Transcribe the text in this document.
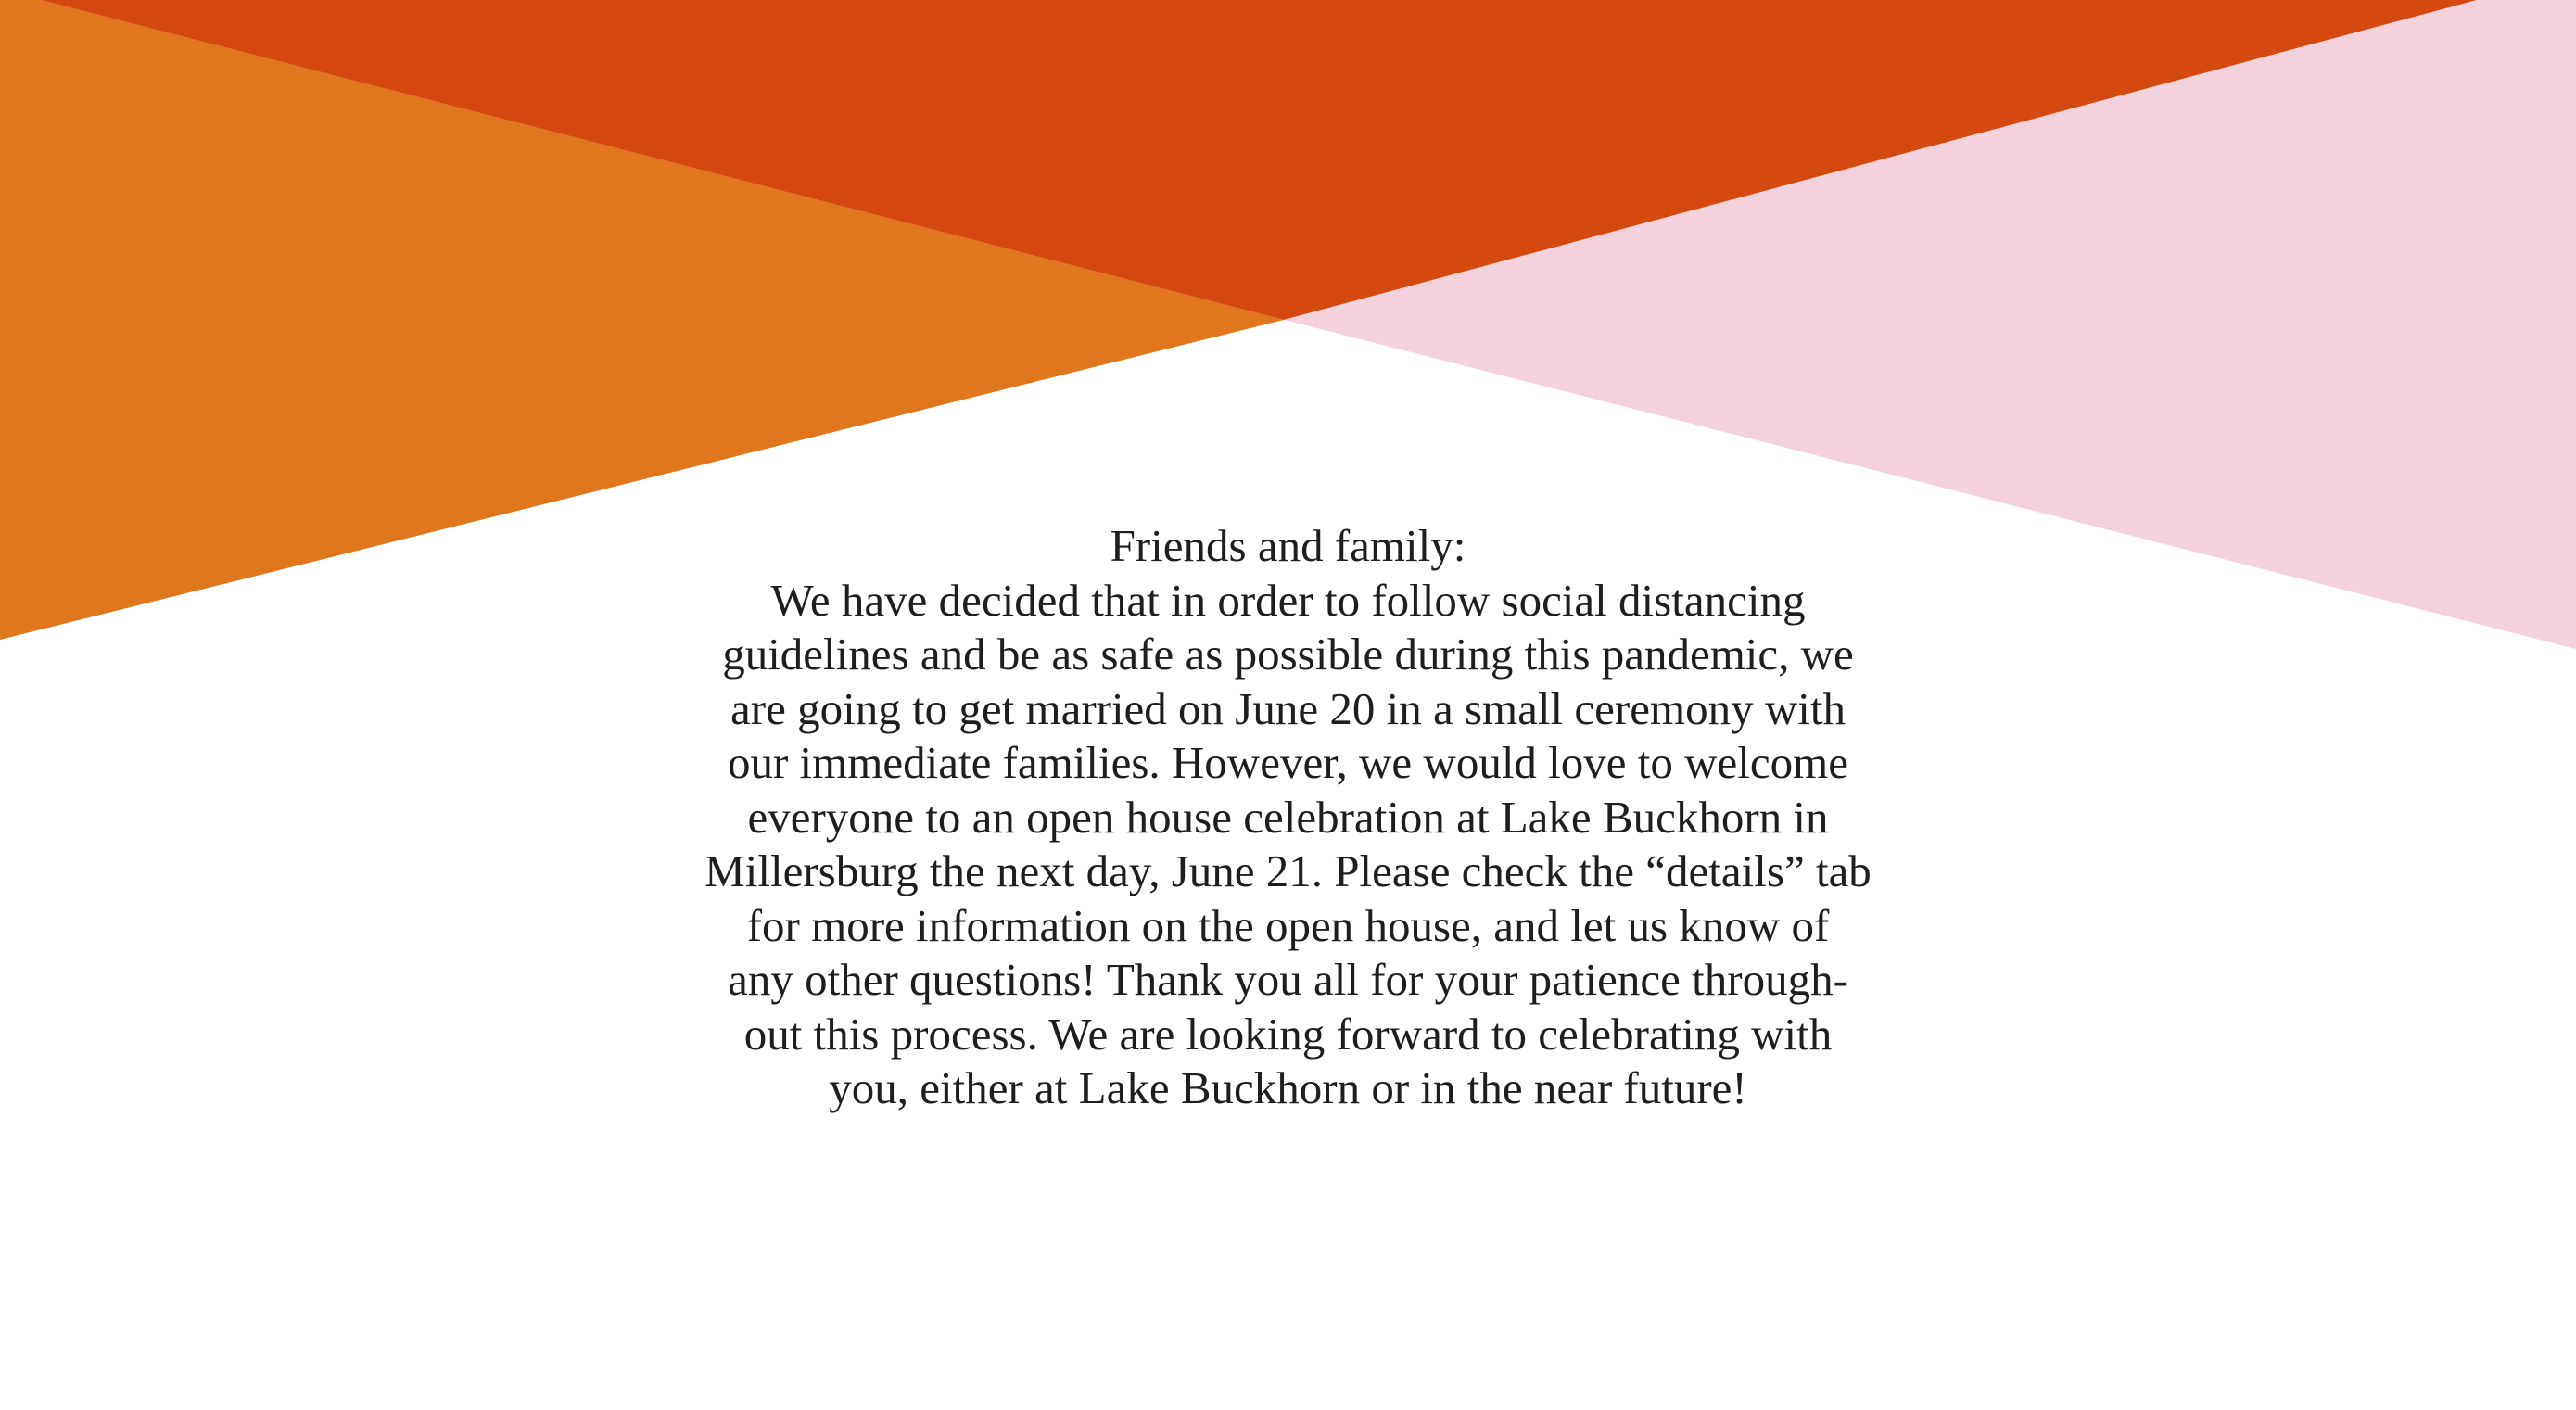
Friends and family:
We have decided that in order to follow social distancing
guidelines and be as safe as possible during this pandemic, we
are going to get married on June 20 in a small ceremony with
our immediate families. However, we would love to welcome
everyone to an open house celebration at Lake Buckhorn in
Millersburg the next day, June 21. Please check the “details” tab
for more information on the open house, and let us know of
any other questions! Thank you all for your patience through-
out this process. We are looking forward to celebrating with
you, either at Lake Buckhorn or in the near future!
